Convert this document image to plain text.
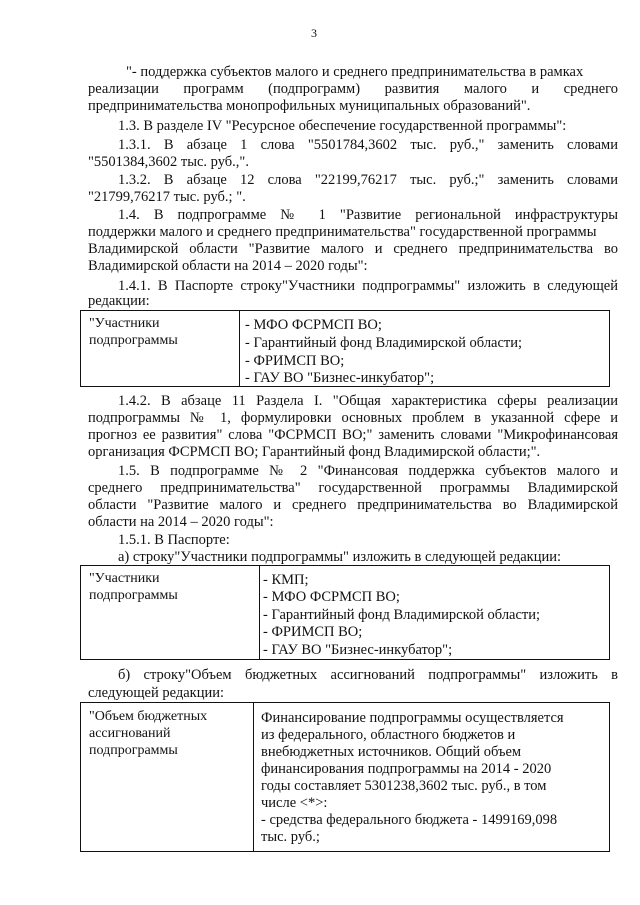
3
"- поддержка субъектов малого и среднего предпринимательства в рамках
реализации программ (подпрограмм) развития малого и среднего
предпринимательства монопрофильных муниципальных образований".
1.3. В разделе IV "Ресурсное обеспечение государственной программы":
1.3.1. В абзаце 1 слова "5501784,3602 тыс. руб.," заменить словами
"5501384,3602 тыс. руб.,".
1.3.2. В абзаце 12 слова "22199,76217 тыс. руб.;" заменить словами
"21799,76217 тыс. руб.; ".
1.4. В подпрограмме № 1 "Развитие региональной инфраструктуры
поддержки малого и среднего предпринимательства" государственной программы
Владимирской области "Развитие малого и среднего предпринимательства во
Владимирской области на 2014 – 2020 годы":
1.4.1. В Паспорте строку"Участники подпрограммы" изложить в следующей
редакции:
"Участники
подпрограммы
- МФО ФСРМСП ВО;
- Гарантийный фонд Владимирской области;
- ФРИМСП ВО;
- ГАУ ВО "Бизнес-инкубатор";
1.4.2. В абзаце 11 Раздела I. "Общая характеристика сферы реализации
подпрограммы № 1, формулировки основных проблем в указанной сфере и
прогноз ее развития" слова "ФСРМСП ВО;" заменить словами "Микрофинансовая
организация ФСРМСП ВО; Гарантийный фонд Владимирской области;".
1.5. В подпрограмме № 2 "Финансовая поддержка субъектов малого и
среднего предпринимательства" государственной программы Владимирской
области "Развитие малого и среднего предпринимательства во Владимирской
области на 2014 – 2020 годы":
1.5.1. В Паспорте:
а) строку"Участники подпрограммы" изложить в следующей редакции:
"Участники
подпрограммы
- КМП;
- МФО ФСРМСП ВО;
- Гарантийный фонд Владимирской области;
- ФРИМСП ВО;
- ГАУ ВО "Бизнес-инкубатор";
б) строку"Объем бюджетных ассигнований подпрограммы" изложить в
следующей редакции:
"Объем бюджетных
ассигнований
подпрограммы
Финансирование подпрограммы осуществляется
из федерального, областного бюджетов и
внебюджетных источников. Общий объем
финансирования подпрограммы на 2014 - 2020
годы составляет 5301238,3602 тыс. руб., в том
числе <*>:
- средства федерального бюджета - 1499169,098
тыс. руб.;
